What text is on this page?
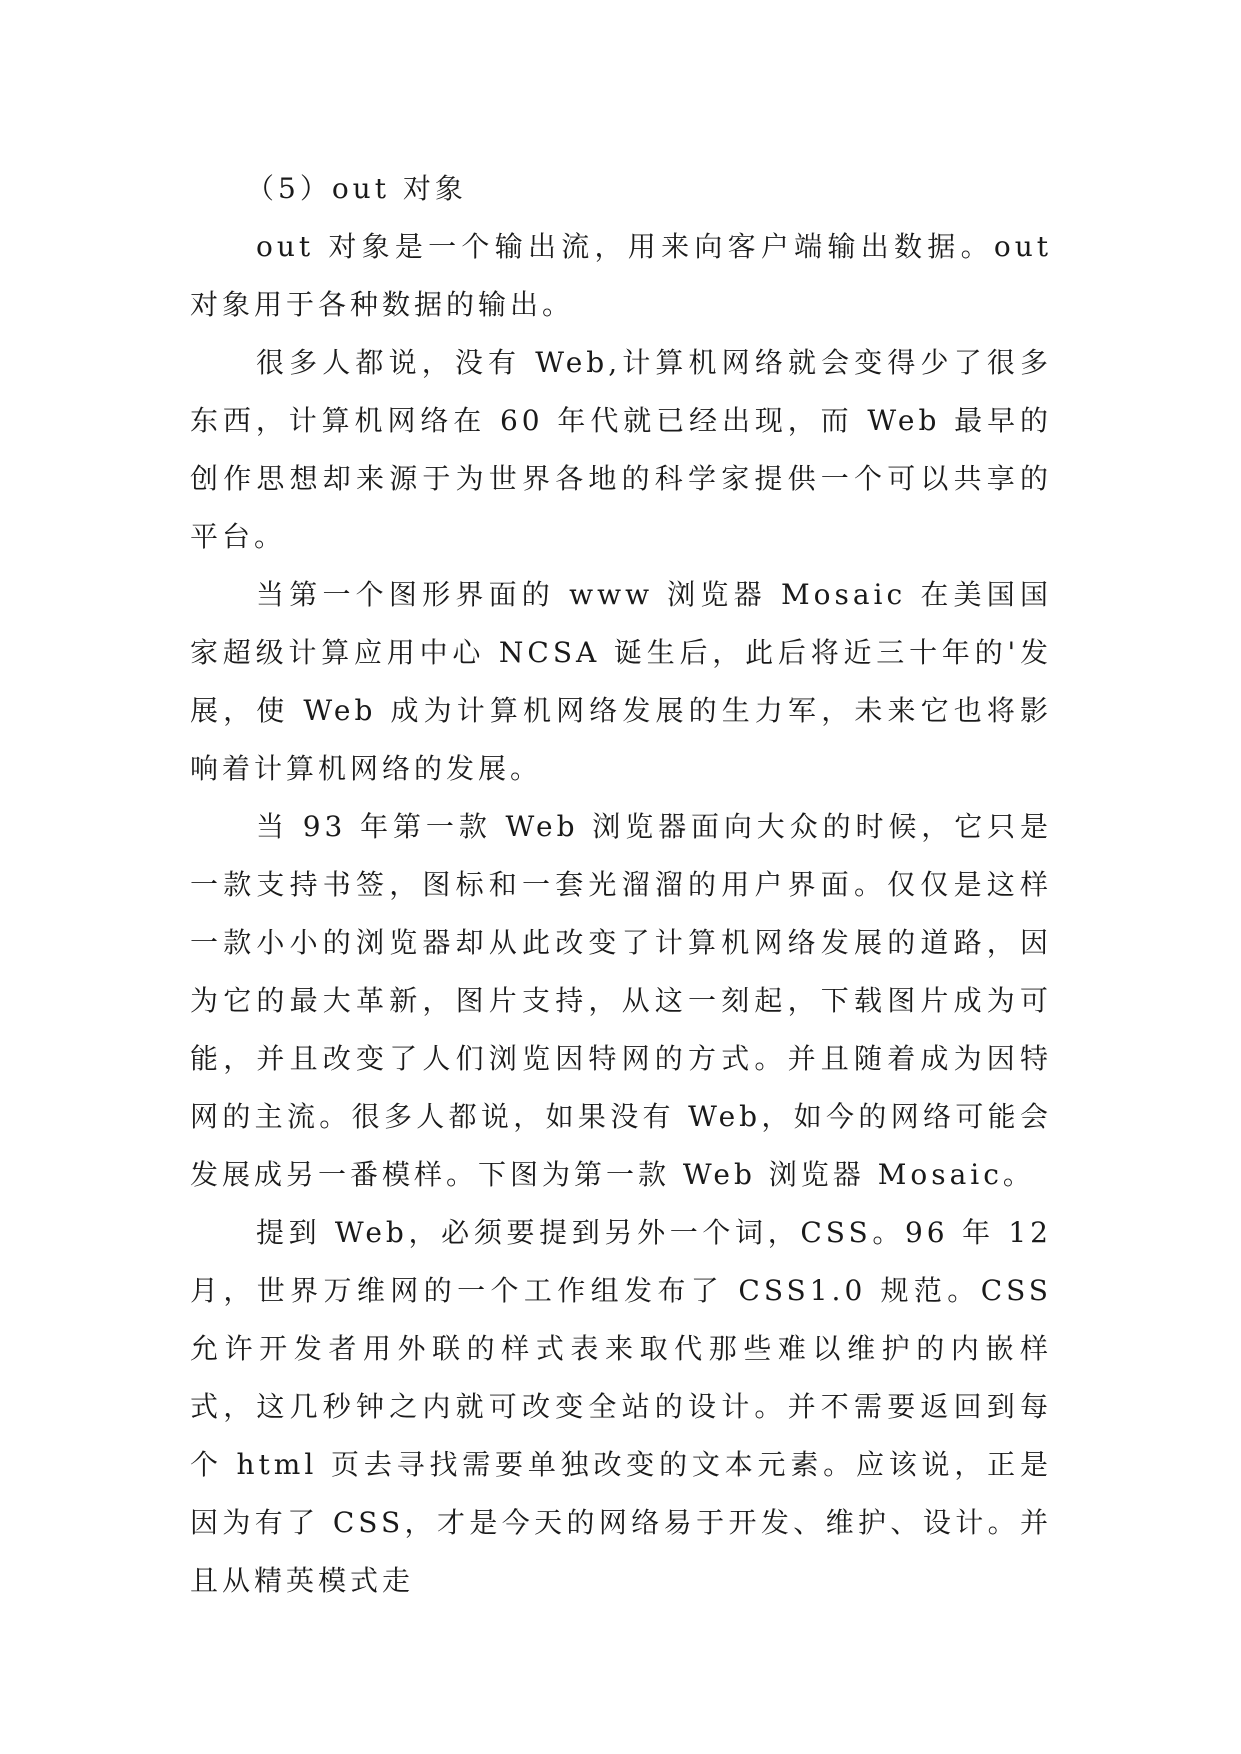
（5）out 对象

out 对象是一个输出流，用来向客户端输出数据。out 对象用于各种数据的输出。

很多人都说，没有 Web,计算机网络就会变得少了很多东西，计算机网络在 60 年代就已经出现，而 Web 最早的创作思想却来源于为世界各地的科学家提供一个可以共享的平台。

当第一个图形界面的 www 浏览器 Mosaic 在美国国家超级计算应用中心 NCSA 诞生后，此后将近三十年的'发展，使 Web 成为计算机网络发展的生力军，未来它也将影响着计算机网络的发展。

当 93 年第一款 Web 浏览器面向大众的时候，它只是一款支持书签，图标和一套光溜溜的用户界面。仅仅是这样一款小小的浏览器却从此改变了计算机网络发展的道路，因为它的最大革新，图片支持，从这一刻起，下载图片成为可能，并且改变了人们浏览因特网的方式。并且随着成为因特网的主流。很多人都说，如果没有 Web，如今的网络可能会发展成另一番模样。下图为第一款 Web 浏览器 Mosaic。

提到 Web，必须要提到另外一个词，CSS。96 年 12 月，世界万维网的一个工作组发布了 CSS1.0 规范。CSS 允许开发者用外联的样式表来取代那些难以维护的内嵌样式，这几秒钟之内就可改变全站的设计。并不需要返回到每个 html 页去寻找需要单独改变的文本元素。应该说，正是因为有了 CSS，才是今天的网络易于开发、维护、设计。并且从精英模式走
